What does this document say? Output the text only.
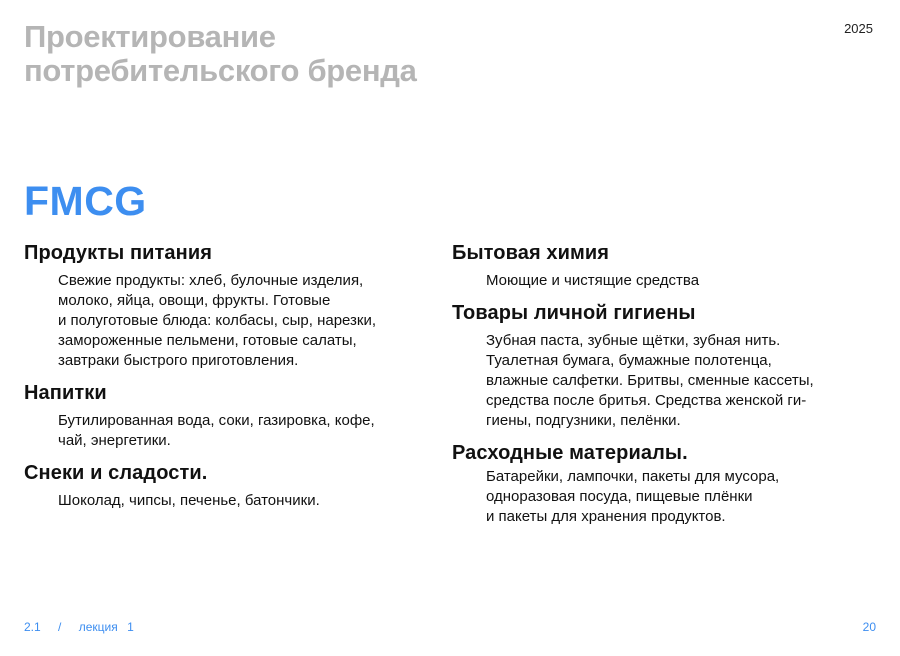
Проектирование
потребительского бренда
2025
FMCG
Продукты питания
Свежие продукты: хлеб, булочные изделия,
молоко, яйца, овощи, фрукты. Готовые
и полуготовые блюда: колбасы, сыр, нарезки,
замороженные пельмени, готовые салаты,
завтраки быстрого приготовления.
Напитки
Бутилированная вода, соки, газировка, кофе,
чай, энергетики.
Снеки и сладости.
Шоколад, чипсы, печенье, батончики.
Бытовая химия
Моющие и чистящие средства
Товары личной гигиены
Зубная паста, зубные щётки, зубная нить.
Туалетная бумага, бумажные полотенца,
влажные салфетки. Бритвы, сменные кассеты,
средства после бритья. Средства женской ги-
гиены, подгузники, пелёнки.
Расходные материалы.
Батарейки, лампочки, пакеты для мусора,
одноразовая посуда, пищевые плёнки
и пакеты для хранения продуктов.
2.1 / лекция 1	20
